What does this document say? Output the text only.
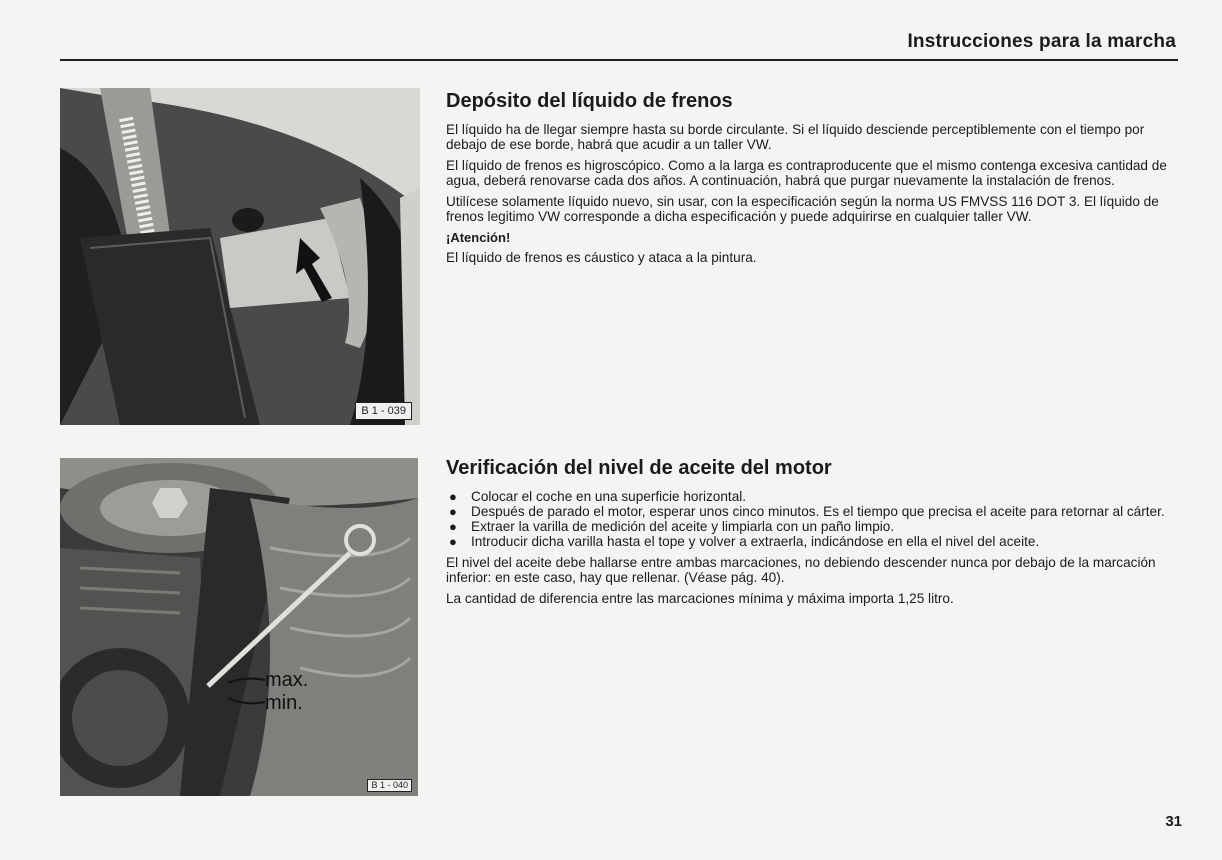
Instrucciones para la marcha
B 1 - 039
Depósito del líquido de frenos

El líquido ha de llegar siempre hasta su borde circulante. Si el líquido desciende perceptiblemente con el tiempo por debajo de ese borde, habrá que acudir a un taller VW.

El líquido de frenos es higroscópico. Como a la larga es contraproducente que el mismo contenga excesiva cantidad de agua, deberá renovarse cada dos años. A continuación, habrá que purgar nuevamente la instalación de frenos.

Utilícese solamente líquido nuevo, sin usar, con la especificación según la norma US FMVSS 116 DOT 3. El líquido de frenos legitimo VW corresponde a dicha especificación y puede adquirirse en cualquier taller VW.

¡Atención!

El líquido de frenos es cáustico y ataca a la pintura.

max.
min.
B 1 - 040
Verificación del nivel de aceite del motor
● Colocar el coche en una superficie horizontal.
● Después de parado el motor, esperar unos cinco minutos. Es el tiempo que precisa el aceite para retornar al cárter.
● Extraer la varilla de medición del aceite y limpiarla con un paño limpio.
● Introducir dicha varilla hasta el tope y volver a extraerla, indicándose en ella el nivel del aceite.

El nivel del aceite debe hallarse entre ambas marcaciones, no debiendo descender nunca por debajo de la marcación inferior: en este caso, hay que rellenar. (Véase pág. 40).

La cantidad de diferencia entre las marcaciones mínima y máxima importa 1,25 litro.

31
